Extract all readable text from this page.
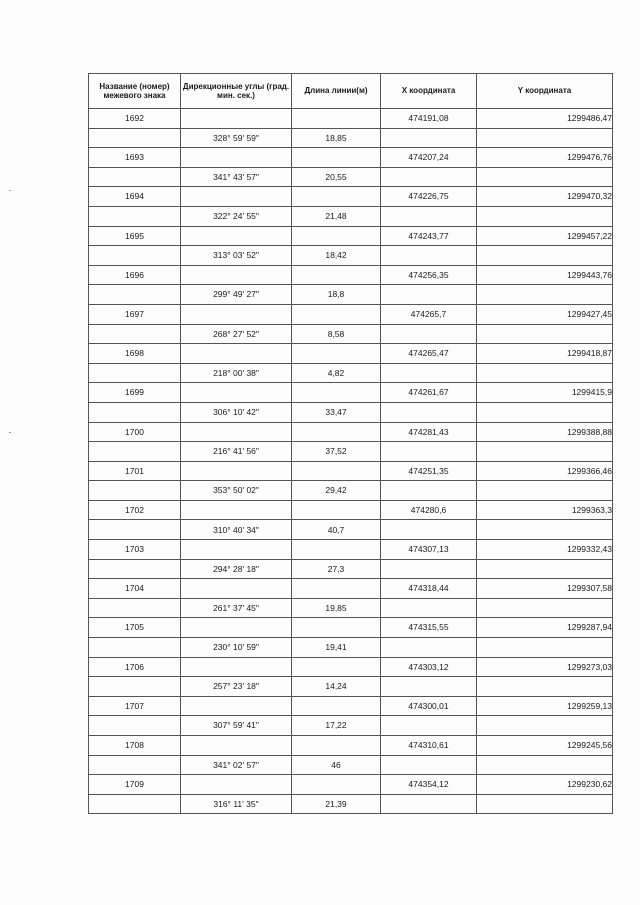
Название (номер) межевого знака	Дирекционные углы (град. мин. сек.)	Длина линии(м)	X координата	Y координата
1692			474191,08	1299486,47
	328° 59' 59"	18,85		
1693			474207,24	1299476,76
	341° 43' 57"	20,55		
1694			474226,75	1299470,32
	322° 24' 55"	21,48		
1695			474243,77	1299457,22
	313° 03' 52"	18,42		
1696			474256,35	1299443,76
	299° 49' 27"	18,8		
1697			474265,7	1299427,45
	268° 27' 52"	8,58		
1698			474265,47	1299418,87
	218° 00' 38"	4,82		
1699			474261,67	1299415,9
	306° 10' 42"	33,47		
1700			474281,43	1299388,88
	216° 41' 56"	37,52		
1701			474251,35	1299366,46
	353° 50' 02"	29,42		
1702			474280,6	1299363,3
	310° 40' 34"	40,7		
1703			474307,13	1299332,43
	294° 28' 18"	27,3		
1704			474318,44	1299307,58
	261° 37' 45"	19,85		
1705			474315,55	1299287,94
	230° 10' 59"	19,41		
1706			474303,12	1299273,03
	257° 23' 18"	14,24		
1707			474300,01	1299259,13
	307° 59' 41"	17,22		
1708			474310,61	1299245,56
	341° 02' 57"	46		
1709			474354,12	1299230,62
	316° 11' 35"	21,39		
